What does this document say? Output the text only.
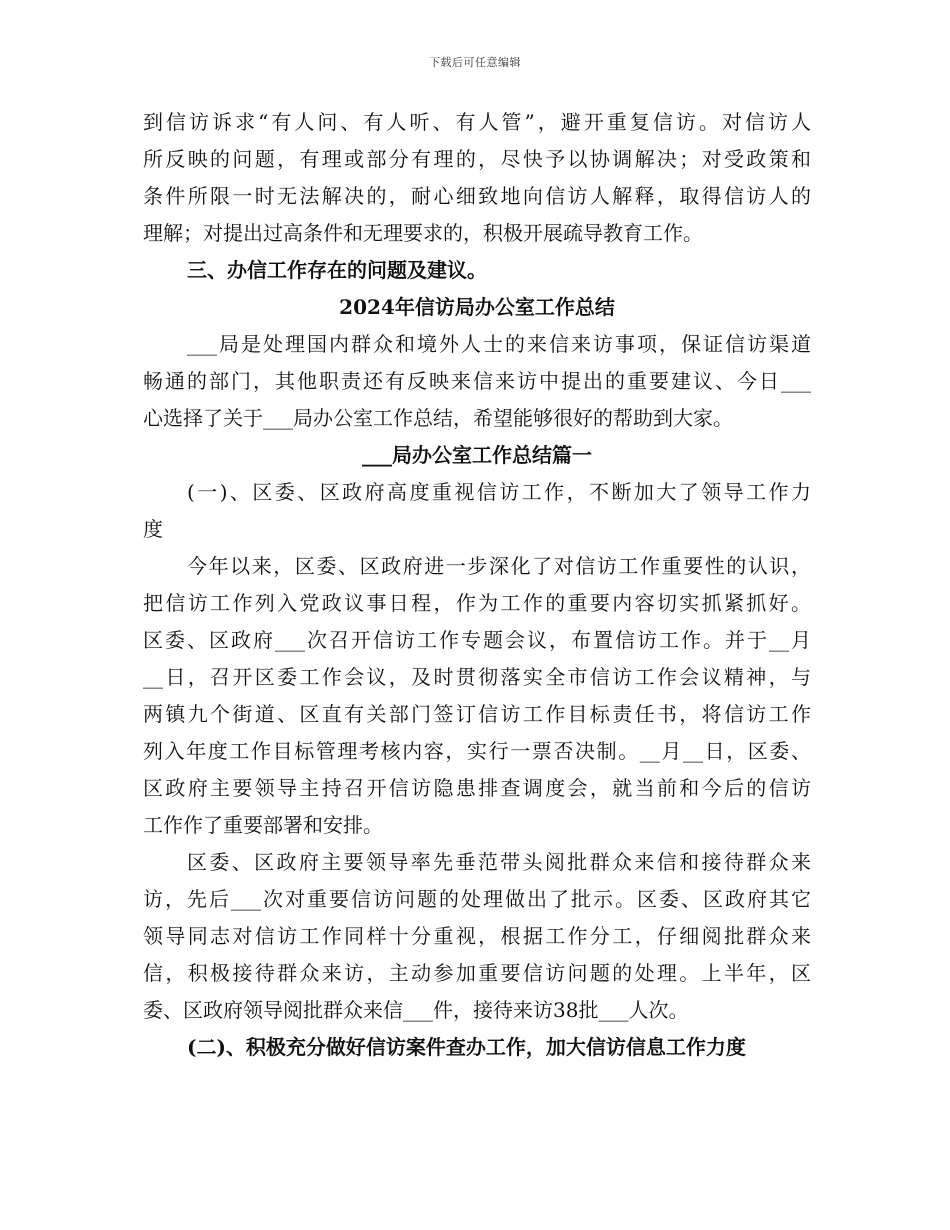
下载后可任意编辑
到信访诉求“有人问、有人听、有人管”，避开重复信访。对信访人
所反映的问题，有理或部分有理的，尽快予以协调解决；对受政策和
条件所限一时无法解决的，耐心细致地向信访人解释，取得信访人的
理解；对提出过高条件和无理要求的，积极开展疏导教育工作。
三、办信工作存在的问题及建议。
2024年信访局办公室工作总结
___局是处理国内群众和境外人士的来信来访事项，保证信访渠道
畅通的部门，其他职责还有反映来信来访中提出的重要建议、今日___
心选择了关于___局办公室工作总结，希望能够很好的帮助到大家。
___局办公室工作总结篇一
(一)、区委、区政府高度重视信访工作，不断加大了领导工作力
度
今年以来，区委、区政府进一步深化了对信访工作重要性的认识，
把信访工作列入党政议事日程，作为工作的重要内容切实抓紧抓好。
区委、区政府___次召开信访工作专题会议，布置信访工作。并于__月
__日，召开区委工作会议，及时贯彻落实全市信访工作会议精神，与
两镇九个街道、区直有关部门签订信访工作目标责任书，将信访工作
列入年度工作目标管理考核内容，实行一票否决制。__月__日，区委、
区政府主要领导主持召开信访隐患排查调度会，就当前和今后的信访
工作作了重要部署和安排。
区委、区政府主要领导率先垂范带头阅批群众来信和接待群众来
访，先后___次对重要信访问题的处理做出了批示。区委、区政府其它
领导同志对信访工作同样十分重视，根据工作分工，仔细阅批群众来
信，积极接待群众来访，主动参加重要信访问题的处理。上半年，区
委、区政府领导阅批群众来信___件，接待来访38批___人次。
(二)、积极充分做好信访案件查办工作，加大信访信息工作力度
